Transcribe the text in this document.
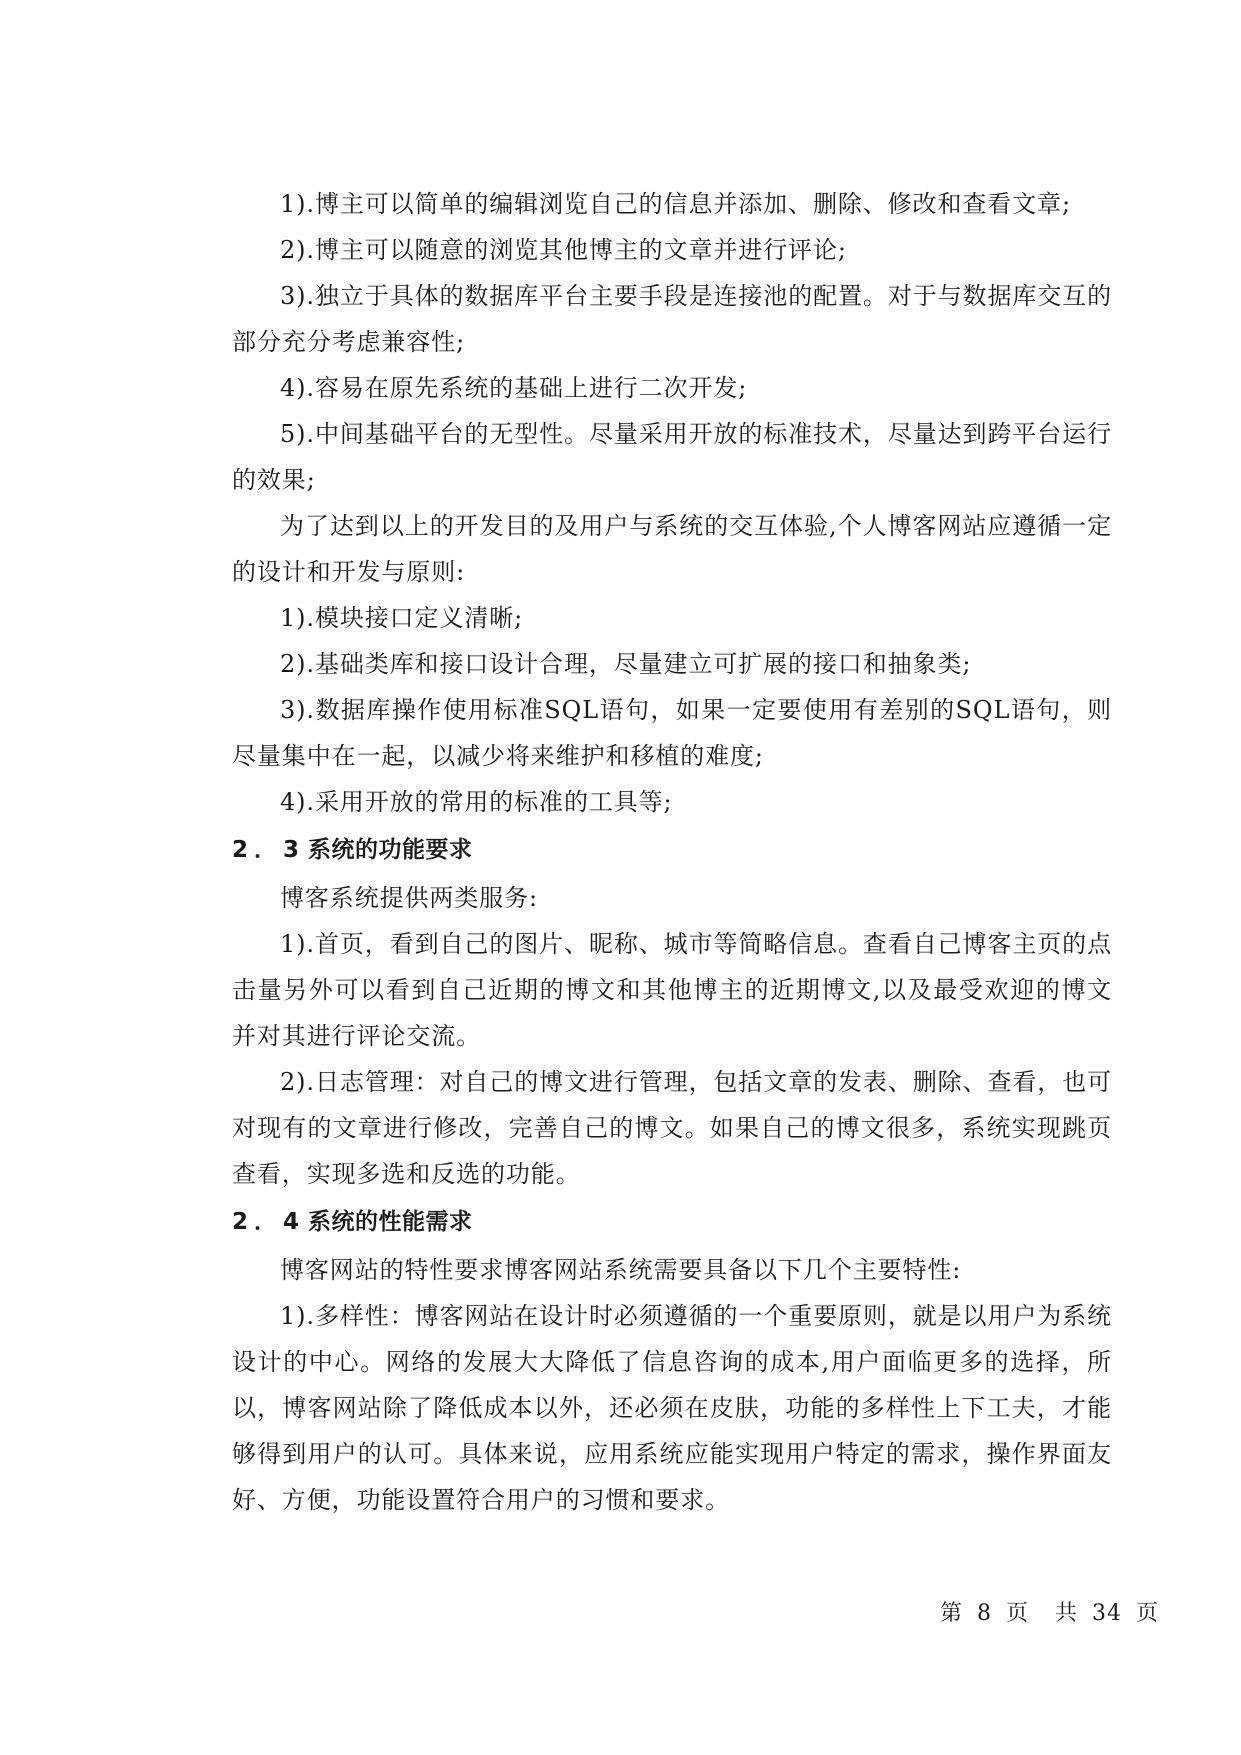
1).博主可以简单的编辑浏览自己的信息并添加、删除、修改和查看文章;

2).博主可以随意的浏览其他博主的文章并进行评论;

3).独立于具体的数据库平台主要手段是连接池的配置。对于与数据库交互的部分充分考虑兼容性;

4).容易在原先系统的基础上进行二次开发;

5).中间基础平台的无型性。尽量采用开放的标准技术，尽量达到跨平台运行的效果;

为了达到以上的开发目的及用户与系统的交互体验,个人博客网站应遵循一定的设计和开发与原则:

1).模块接口定义清晰;

2).基础类库和接口设计合理，尽量建立可扩展的接口和抽象类;

3).数据库操作使用标准SQL语句，如果一定要使用有差别的SQL语句，则尽量集中在一起，以减少将来维护和移植的难度;

4).采用开放的常用的标准的工具等;

2．3 系统的功能要求

博客系统提供两类服务:

1).首页，看到自己的图片、昵称、城市等简略信息。查看自己博客主页的点击量另外可以看到自己近期的博文和其他博主的近期博文,以及最受欢迎的博文并对其进行评论交流。

2).日志管理：对自己的博文进行管理，包括文章的发表、删除、查看，也可对现有的文章进行修改，完善自己的博文。如果自己的博文很多，系统实现跳页查看，实现多选和反选的功能。

2．4 系统的性能需求

博客网站的特性要求博客网站系统需要具备以下几个主要特性:

1).多样性：博客网站在设计时必须遵循的一个重要原则，就是以用户为系统设计的中心。网络的发展大大降低了信息咨询的成本,用户面临更多的选择，所以，博客网站除了降低成本以外，还必须在皮肤，功能的多样性上下工夫，才能够得到用户的认可。具体来说，应用系统应能实现用户特定的需求，操作界面友好、方便，功能设置符合用户的习惯和要求。

第 8 页 共 34 页
